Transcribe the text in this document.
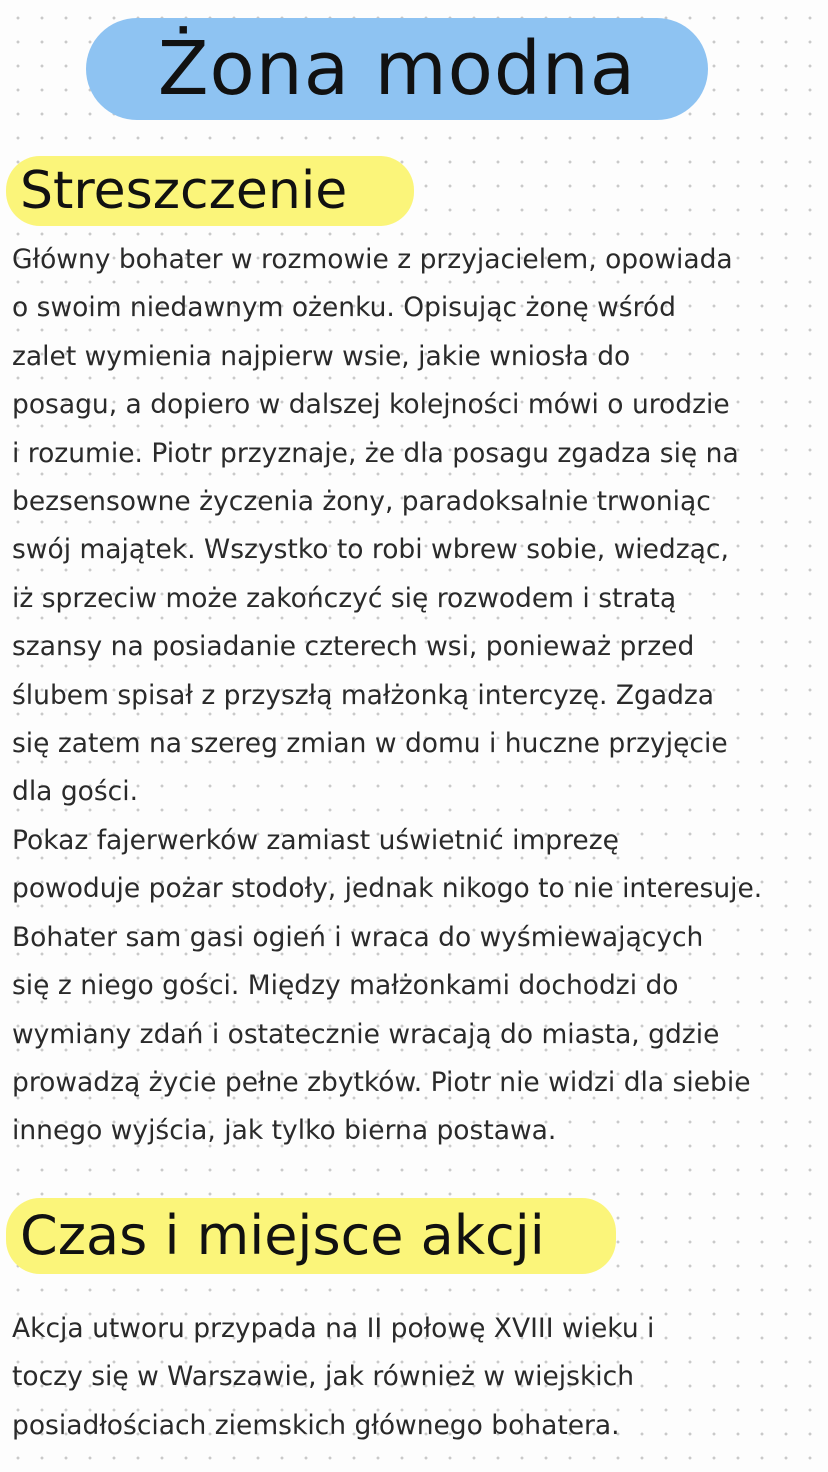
Żona modna
Streszczenie
Główny bohater w rozmowie z przyjacielem, opowiada
o swoim niedawnym ożenku. Opisując żonę wśród
zalet wymienia najpierw wsie, jakie wniosła do
posagu, a dopiero w dalszej kolejności mówi o urodzie
i rozumie. Piotr przyznaje, że dla posagu zgadza się na
bezsensowne życzenia żony, paradoksalnie trwoniąc
swój majątek. Wszystko to robi wbrew sobie, wiedząc,
iż sprzeciw może zakończyć się rozwodem i stratą
szansy na posiadanie czterech wsi, ponieważ przed
ślubem spisał z przyszłą małżonką intercyzę. Zgadza
się zatem na szereg zmian w domu i huczne przyjęcie
dla gości.
Pokaz fajerwerków zamiast uświetnić imprezę
powoduje pożar stodoły, jednak nikogo to nie interesuje.
Bohater sam gasi ogień i wraca do wyśmiewających
się z niego gości. Między małżonkami dochodzi do
wymiany zdań i ostatecznie wracają do miasta, gdzie
prowadzą życie pełne zbytków. Piotr nie widzi dla siebie
innego wyjścia, jak tylko bierna postawa.
Czas i miejsce akcji
Akcja utworu przypada na II połowę XVIII wieku i
toczy się w Warszawie, jak również w wiejskich
posiadłościach ziemskich głównego bohatera.
